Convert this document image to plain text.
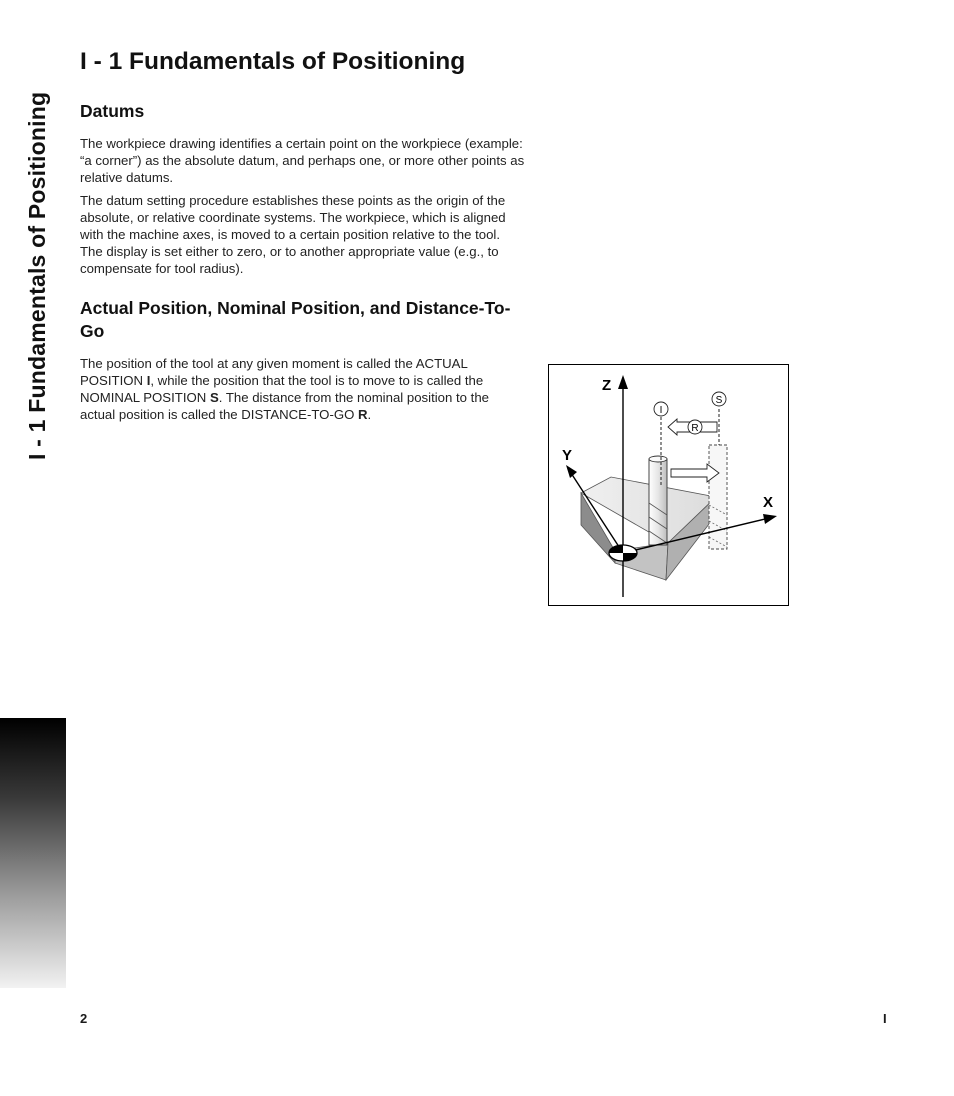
I - 1 Fundamentals of Positioning
I - 1 Fundamentals of Positioning
Datums

The workpiece drawing identifies a certain point on the workpiece (example: “a corner”) as the absolute datum, and perhaps one, or more other points as relative datums.

The datum setting procedure establishes these points as the origin of the absolute, or relative coordinate systems. The workpiece, which is aligned with the machine axes, is moved to a certain position relative to the tool. The display is set either to zero, or to another appropriate value (e.g., to compensate for tool radius).

Actual Position, Nominal Position, and Distance-To-Go

The position of the tool at any given moment is called the ACTUAL POSITION I, while the position that the tool is to move to is called the NOMINAL POSITION S. The distance from the nominal position to the actual position is called the DISTANCE-TO-GO R.

Z
Y
X
I
S
R
2	I
